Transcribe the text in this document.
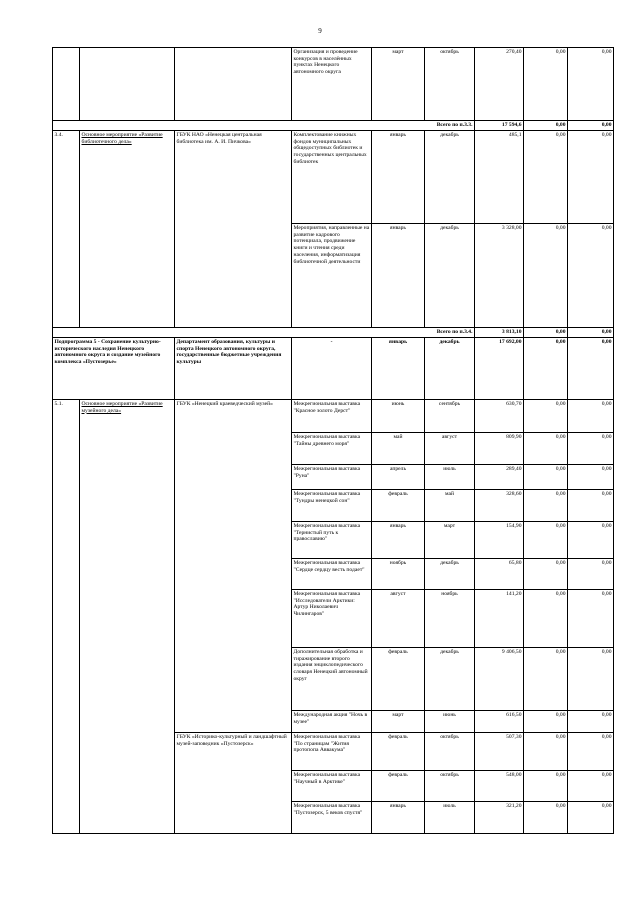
9
			Организация и проведение конкурсов в населённых пунктах Ненецкого автономного округа	март	октябрь	270,40	0,00	0,00
Всего по п.3.3.						17 594,6	0,00	0,00
3.4.	Основное мероприятие «Развитие библиотечного дела»	ГБУК НАО «Ненецкая центральная библиотека им. А. И. Пичкова»	Комплектование книжных фондов муниципальных общедоступных библиотек и государственных центральных библиотек	январь	декабрь	485,1	0,00	0,00
			Мероприятия, направленные на развитие кадрового потенциала, продвижение книги и чтения среди населения, информатизация библиотечной деятельности	январь	декабрь	3 328,00	0,00	0,00
Всего по п.3.4.						3 813,10	0,00	0,00
Подпрограмма 5 - Сохранение культурно-исторического наследия Ненецкого автономного округа и создание музейного комплекса «Пустозерье»		Департамент образования, культуры и спорта Ненецкого автономного округа, государственные бюджетные учреждения культуры	-	январь	декабрь	17 692,00	0,00	0,00
5.1.	Основное мероприятие «Развитие музейного дела»	ГБУК «Ненецкий краеведческий музей»	Межрегиональная выставка "Красное золото Дерст"	июнь	сентябрь	630,70	0,00	0,00
			Межрегиональная выставка "Тайны древнего моря"	май	август	809,90	0,00	0,00
			Межрегиональная выставка "Руна"	апрель	июль	289,40	0,00	0,00
			Межрегиональная выставка "Тундры ненецкой сон"	февраль	май	328,60	0,00	0,00
			Межрегиональная выставка "Тернистый путь к православию"	январь	март	154,90	0,00	0,00
			Межрегиональная выставка "Сердце сердцу весть подает"	ноябрь	декабрь	65,80	0,00	0,00
			Межрегиональная выставка "Исследователи Арктики: Артур Николаевич Чилингаров"	август	ноябрь	141,20	0,00	0,00
			Дополнительная обработка и тиражирование второго издания энциклопедического словаря Ненецкий автономный округ	февраль	декабрь	9 406,50	0,00	0,00
			Международная акция "Ночь в музее"	март	июнь	616,50	0,00	0,00
		ГБУК «Историко-культурный и ландшафтный музей-заповедник «Пустозерск»	Межрегиональная выставка "По страницам "Жития протопопа Аввакума"	февраль	октябрь	507,30	0,00	0,00
			Межрегиональная выставка "Научный в Арктике"	февраль	октябрь	548,00	0,00	0,00
			Межрегиональная выставка "Пустозерск, 5 веков спустя"	январь	июль	321,20	0,00	0,00
